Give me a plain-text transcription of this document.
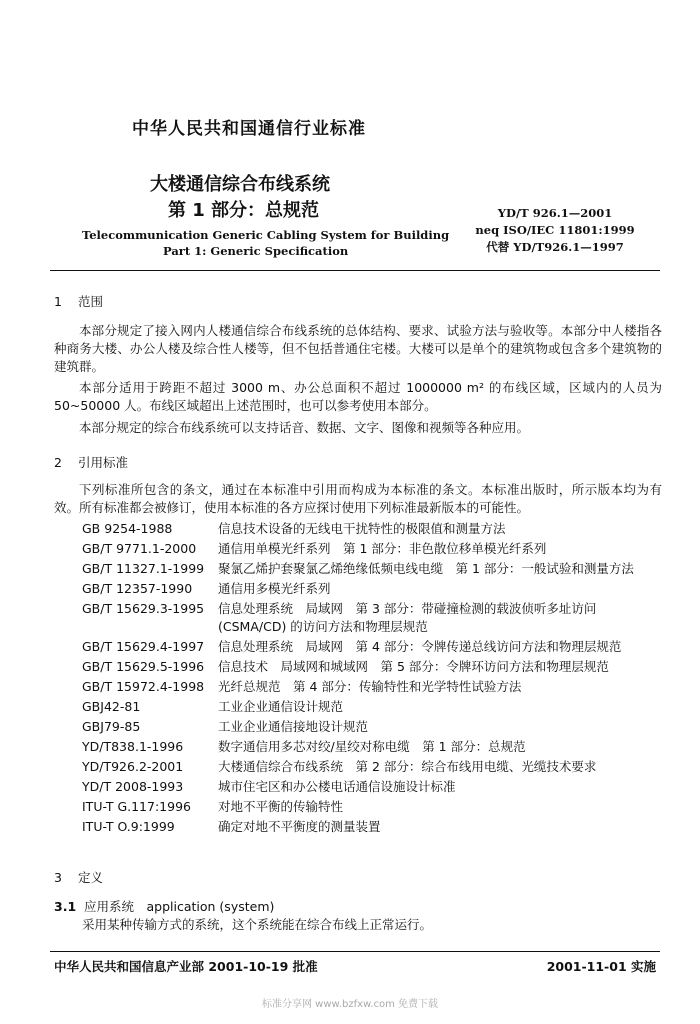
中华人民共和国通信行业标准
大楼通信综合布线系统
第 1 部分：总规范
Telecommunication Generic Cabling System for Building
Part 1: Generic Specification
YD/T 926.1—2001
neq ISO/IEC 11801:1999
代替 YD/T926.1—1997
1 范围
本部分规定了接入网内人楼通信综合布线系统的总体结构、要求、试验方法与验收等。本部分中人楼指各种商务大楼、办公人楼及综合性人楼等，但不包括普通住宅楼。大楼可以是单个的建筑物或包含多个建筑物的建筑群。
本部分适用于跨距不超过 3000 m、办公总面积不超过 1000000 m² 的布线区域，区域内的人员为 50~50000 人。布线区域超出上述范围时，也可以参考使用本部分。
本部分规定的综合布线系统可以支持话音、数据、文字、图像和视频等各种应用。
2 引用标准
下列标准所包含的条文，通过在本标准中引用而构成为本标准的条文。本标准出版时，所示版本均为有效。所有标准都会被修订，使用本标准的各方应探讨使用下列标准最新版本的可能性。
GB 9254-1988	信息技术设备的无线电干扰特性的极限值和测量方法
GB/T 9771.1-2000	通信用单模光纤系列　第 1 部分：非色散位移单模光纤系列
GB/T 11327.1-1999	聚氯乙烯护套聚氯乙烯绝缘低频电线电缆　第 1 部分：一般试验和测量方法
GB/T 12357-1990	通信用多模光纤系列
GB/T 15629.3-1995	信息处理系统　局域网　第 3 部分：带碰撞检测的载波侦听多址访问 (CSMA/CD) 的访问方法和物理层规范
GB/T 15629.4-1997	信息处理系统　局域网　第 4 部分：令牌传递总线访问方法和物理层规范
GB/T 15629.5-1996	信息技术　局域网和城域网　第 5 部分：令牌环访问方法和物理层规范
GB/T 15972.4-1998	光纤总规范　第 4 部分：传输特性和光学特性试验方法
GBJ42-81	工业企业通信设计规范
GBJ79-85	工业企业通信接地设计规范
YD/T838.1-1996	数字通信用多芯对绞/星绞对称电缆　第 1 部分：总规范
YD/T926.2-2001	大楼通信综合布线系统　第 2 部分：综合布线用电缆、光缆技术要求
YD/T 2008-1993	城市住宅区和办公楼电话通信设施设计标准
ITU-T G.117:1996	对地不平衡的传输特性
ITU-T O.9:1999	确定对地不平衡度的测量装置
3 定义
3.1 应用系统　application (system)
采用某种传输方式的系统，这个系统能在综合布线上正常运行。
中华人民共和国信息产业部 2001-10-19 批准	2001-11-01 实施
标准分享网 www.bzfxw.com 免费下载
